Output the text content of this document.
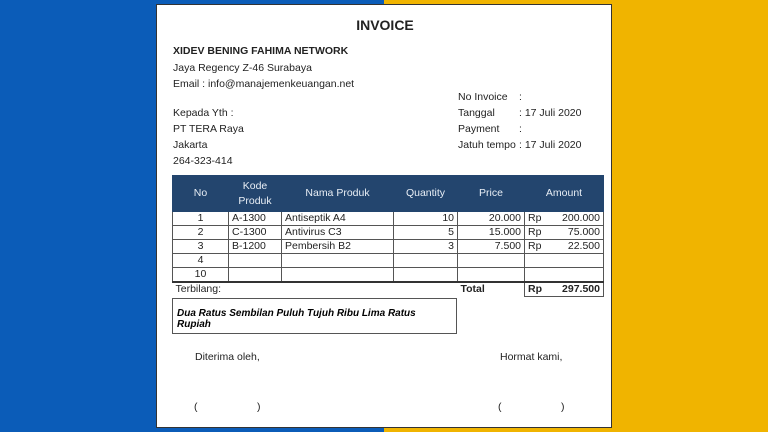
INVOICE
XIDEV BENING FAHIMA NETWORK
Jaya Regency Z-46 Surabaya
Email : info@manajemenkeuangan.net
Kepada Yth :
PT TERA Raya
Jakarta
264-323-414
No Invoice :
Tanggal : 17 Juli 2020
Payment :
Jatuh tempo : 17 Juli 2020
No	Kode Produk	Nama Produk	Quantity	Price	Amount	
1	A-1300	Antiseptik A4	10	20.000	Rp	200.000
2	C-1300	Antivirus C3	5	15.000	Rp	75.000
3	B-1200	Pembersih B2	3	7.500	Rp	22.500
4						
10						
Terbilang:				Total	Rp	297.500
Dua Ratus Sembilan Puluh Tujuh Ribu Lima Ratus Rupiah
Diterima oleh,	Hormat kami,
(	)	(	)
